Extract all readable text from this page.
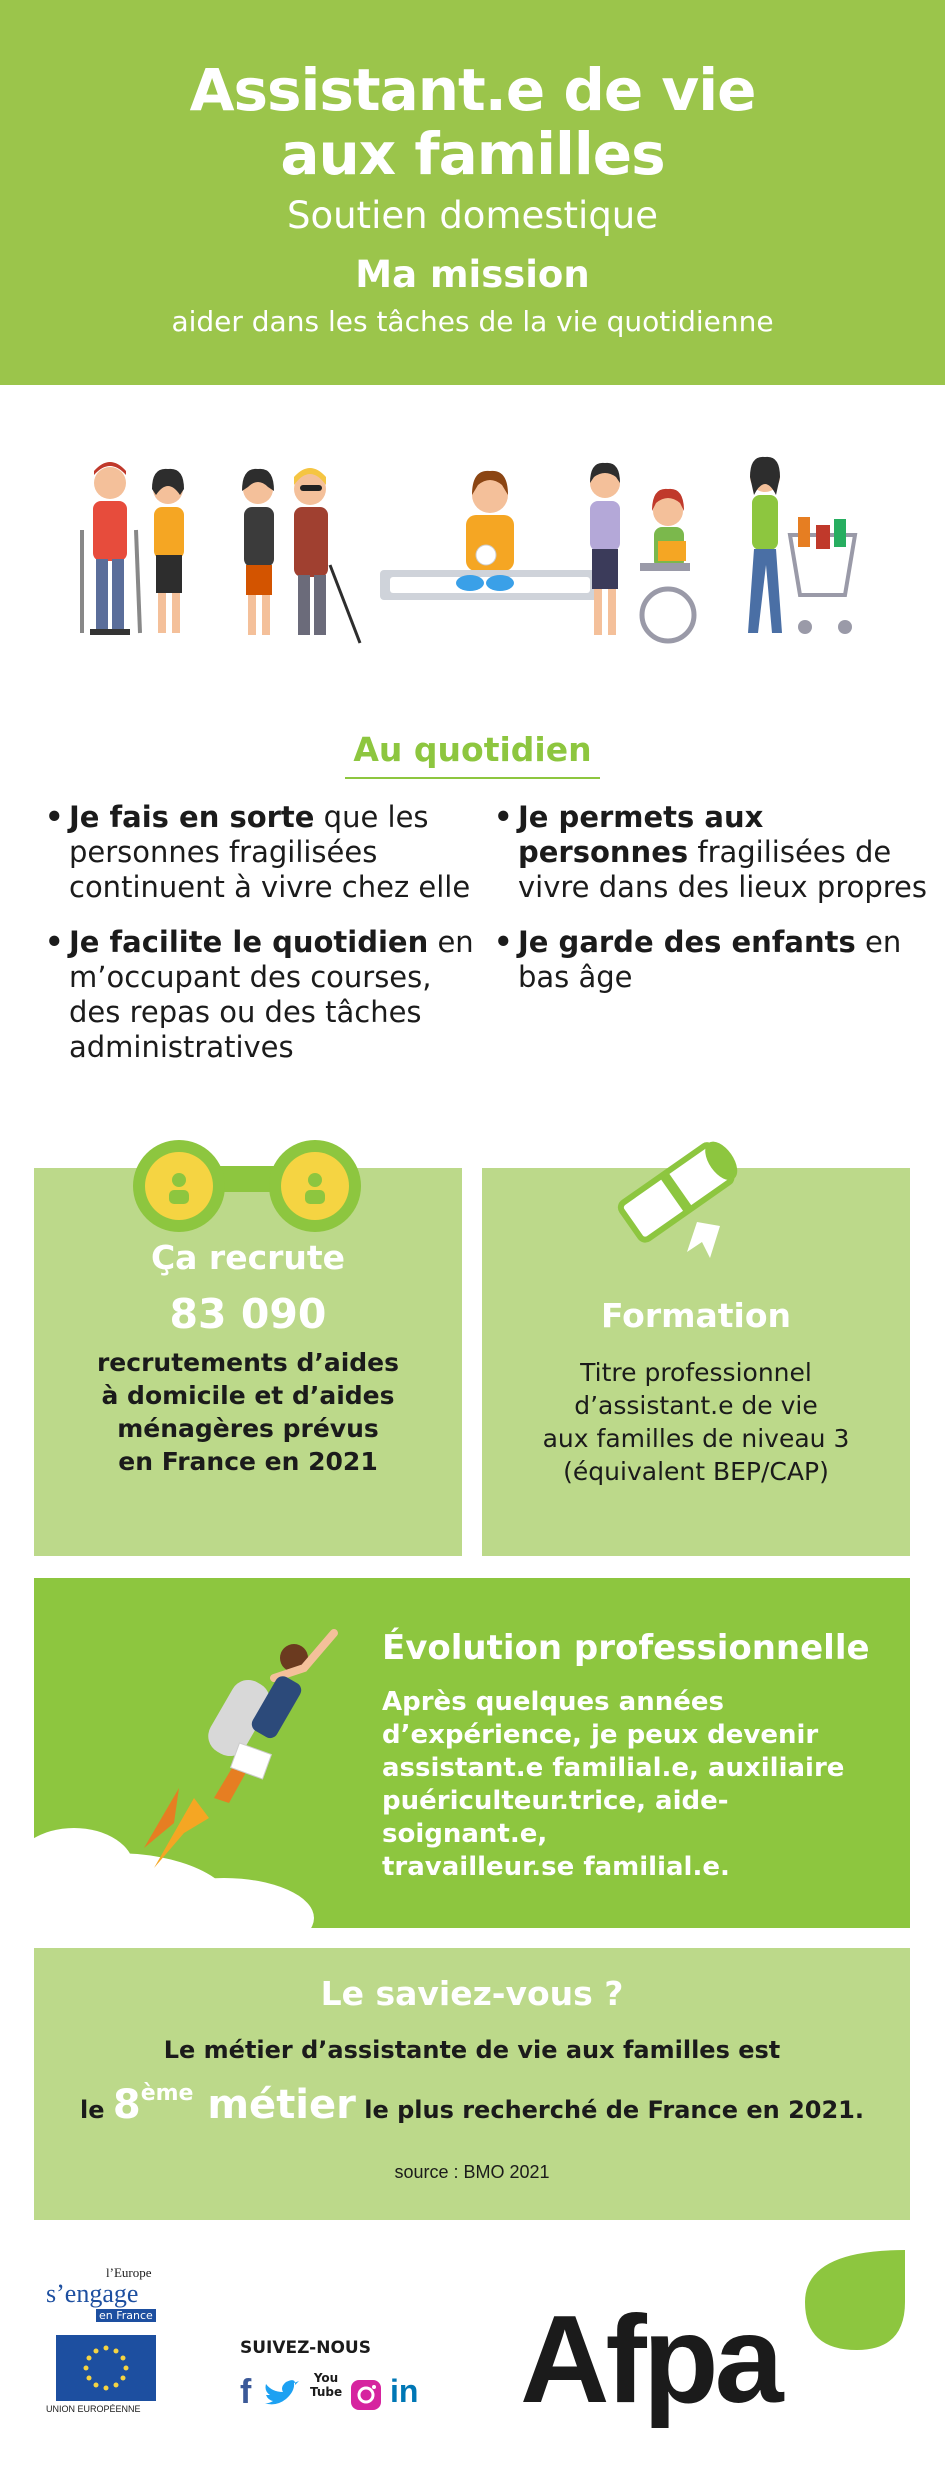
Assistant.e de vie
aux familles
Soutien domestique
Ma mission
aider dans les tâches de la vie quotidienne
Au quotidien
• Je fais en sorte que les personnes fragilisées continuent à vivre chez elle
• Je facilite le quotidien en m’occupant des courses, des repas ou des tâches administratives
• Je permets aux personnes fragilisées de vivre dans des lieux propres
• Je garde des enfants en bas âge
Ça recrute
83 090
recrutements d’aides
à domicile et d’aides
ménagères prévus
en France en 2021
Formation
Titre professionnel
d’assistant.e de vie
aux familles de niveau 3
(équivalent BEP/CAP)
Évolution professionnelle
Après quelques années
d’expérience, je peux devenir
assistant.e familial.e, auxiliaire
puériculteur.trice, aide-soignant.e,
travailleur.se familial.e.
Le saviez-vous ?
Le métier d’assistante de vie aux familles est
le 8ème métier le plus recherché de France en 2021.
source : BMO 2021
l’Europe
s’engage
en France
UNION EUROPÉENNE
SUIVEZ-NOUS
f	You Tube in Afpa
